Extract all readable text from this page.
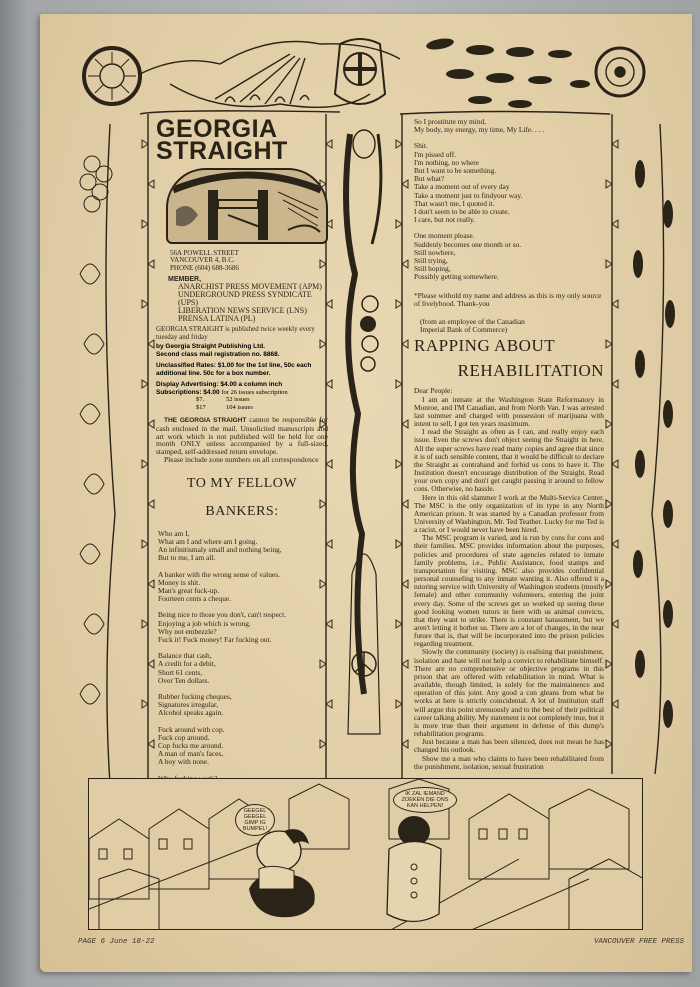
GEORGIA
STRAIGHT
56A POWELL STREET
VANCOUVER 4, B.C.
PHONE (604) 688-3686
MEMBER,
ANARCHIST PRESS MOVEMENT (APM)
UNDERGROUND PRESS SYNDICATE (UPS)
LIBERATION NEWS SERVICE (LNS)
PRENSA LATINA (PL)
GEORGIA STRAIGHT is published twice weekly every tuesday and friday
by Georgia Straight Publishing Ltd.
Second class mail registration no. 8868.
Unclassified Rates: $1.00 for the 1st line, 50c each additional line. 50c for a box number.
Display Advertising: $4.00 a column inch
Subscriptions: $4.00 for 26 issues subscription
$7.	52 issues
$17	104 issues
THE GEORGIA STRAIGHT cannot be responsible for cash enclosed in the mail. Unsolicited manuscripts and art work which is not published will be held for one month ONLY unless accompanied by a full-sized, stamped, self-addressed return envelope.
Please include zone numbers on all correspondence
TO MY FELLOW
BANKERS:
Who am I,
What am I and where am I going.
An infinitismaly small and nothing being,
But to me, I am all.
A banker with the wrong sense of values.
Money is shit.
Man's great fuck-up.
Fourteen cents a cheque.
Being nice to those you don't, can't respect.
Enjoying a job which is wrong.
Why not embezzle?
Fuck it! Fuck money! Far fucking out.
Balance that cash,
A credit for a debit,
Short 61 cents,
Over Ten dollars.
Rubber fucking cheques,
Signatures irregular,
Alcohol speaks again.
Fuck around with cop.
Fuck cop around.
Cop fucks me around.
A man of man's faces,
A boy with none.
So I prostitute my mind,
My body, my energy, my time, My Life. . . .
Shit.
I'm pissed off.
I'm nothing, no where
But I want to be something.
But what?
Take a moment out of every day
Take a moment just to findyour way.
That wasn't me, I quoted it.
I don't seem to be able to create.
I care, but not really.
One moment please.
Suddenly becomes one month or so.
Still nowhere,
Still trying,
Still hoping,
Possibly getting somewhere.
*Please withold my name and address as this is my only source of livelyhood. Thank-you
(from an employee of the Canadian Imperial Bank of Commerce)
RAPPING ABOUT
REHABILITATION
Dear People:

I am an inmate at the Washington State Reformatory in Monroe, and I'M Canadian, and from North Van. I was arrested last summer and charged with possession of marijuana with intent to sell, I got ten years maximum.

I read the Straight as often as I can, and really enjoy each issue. Even the screws don't object seeing the Straight in here. All the super screws have read many copies and agree that since it is of such sensible content, that it would be difficult to declare the Straight as contraband and forbid us cons to have it. The Institution doesn't encourage distribution of the Straight. Read your own copy and don't get caught passing it around to fellow cons. Otherwise, no hassle.

Here in this old slammer I work at the Multi-Service Center. The MSC is the only organization of its type in any North American prison. It was started by a Canadian professor from University of Washington, Mr. Ted Teather. Lucky for me Ted is a racist, or I would never have been hired.

The MSC program is varied, and is run by cons for cons and their families. MSC provides information about the purposes, policies and procedures of state agencies related to inmate family problems, i.e., Public Assistance, food stamps and transportation for visiting. MSC also provides confidential personal counseling to any inmate wanting it. Also offered it a tutoring service with University of Washington students (mostly female) and other community volunteers, entering the joint every day. Some of the screws get so worked up seeing these good looking women tutors in here with us animal convicts, that they want to strike. There is constant harassment, but we aren't letting it bother us. There are a lot of changes, in the near future that is, that will be incorporated into the prison policies regarding treatment.

Slowly the community (society) is realising that punishment, isolation and hate will not help a convict to rehabilitate himself. There are no comprehensive or objective programs in this prison that are offered with rehabilitation in mind. What is available, though limited, is solely for the maintainence and operation of this joint. Any good a con gleans from what he works at here is strictly coincidental. A lot of Institution staff will argue this point strenuously and to the best of their political career talking ability. My statement is not completely true, but it is more true than their argument in defense of this dump's rehabilitation programs.

Just because a man has been silenced, does not mean he has changed his outlook.

Show me a man who claims to have been rehabilitated from the punishment, isolation, sexual frustration

GEEGEL GEEGEL GIMP IG BUMPEL!
IK ZAL IEMAND ZOEKEN DIE ONS KAN HELPEN!
PAGE 6 June 18-22	VANCOUVER FREE PRESS
